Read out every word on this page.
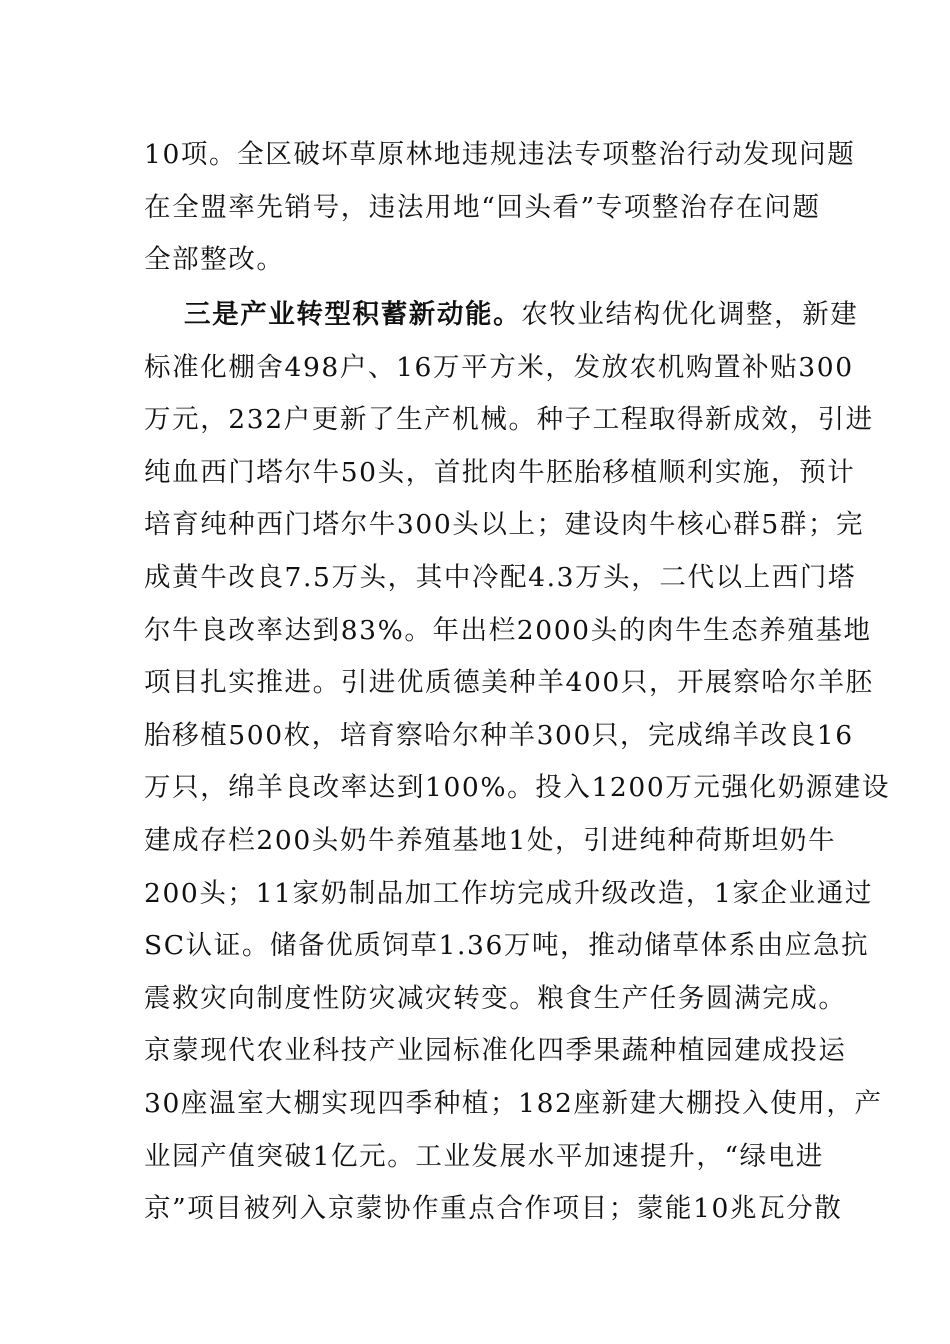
10项。全区破坏草原林地违规违法专项整治行动发现问题
在全盟率先销号，违法用地“回头看”专项整治存在问题
全部整改。
三是产业转型积蓄新动能。农牧业结构优化调整，新建
标准化棚舍498户、16万平方米，发放农机购置补贴300
万元，232户更新了生产机械。种子工程取得新成效，引进
纯血西门塔尔牛50头，首批肉牛胚胎移植顺利实施，预计
培育纯种西门塔尔牛300头以上；建设肉牛核心群5群；完
成黄牛改良7.5万头，其中冷配4.3万头，二代以上西门塔
尔牛良改率达到83%。年出栏2000头的肉牛生态养殖基地
项目扎实推进。引进优质德美种羊400只，开展察哈尔羊胚
胎移植500枚，培育察哈尔种羊300只，完成绵羊改良16
万只，绵羊良改率达到100%。投入1200万元强化奶源建设
建成存栏200头奶牛养殖基地1处，引进纯种荷斯坦奶牛
200头；11家奶制品加工作坊完成升级改造，1家企业通过
SC认证。储备优质饲草1.36万吨，推动储草体系由应急抗
震救灾向制度性防灾减灾转变。粮食生产任务圆满完成。
京蒙现代农业科技产业园标准化四季果蔬种植园建成投运
30座温室大棚实现四季种植；182座新建大棚投入使用，产
业园产值突破1亿元。工业发展水平加速提升，“绿电进
京”项目被列入京蒙协作重点合作项目；蒙能10兆瓦分散
